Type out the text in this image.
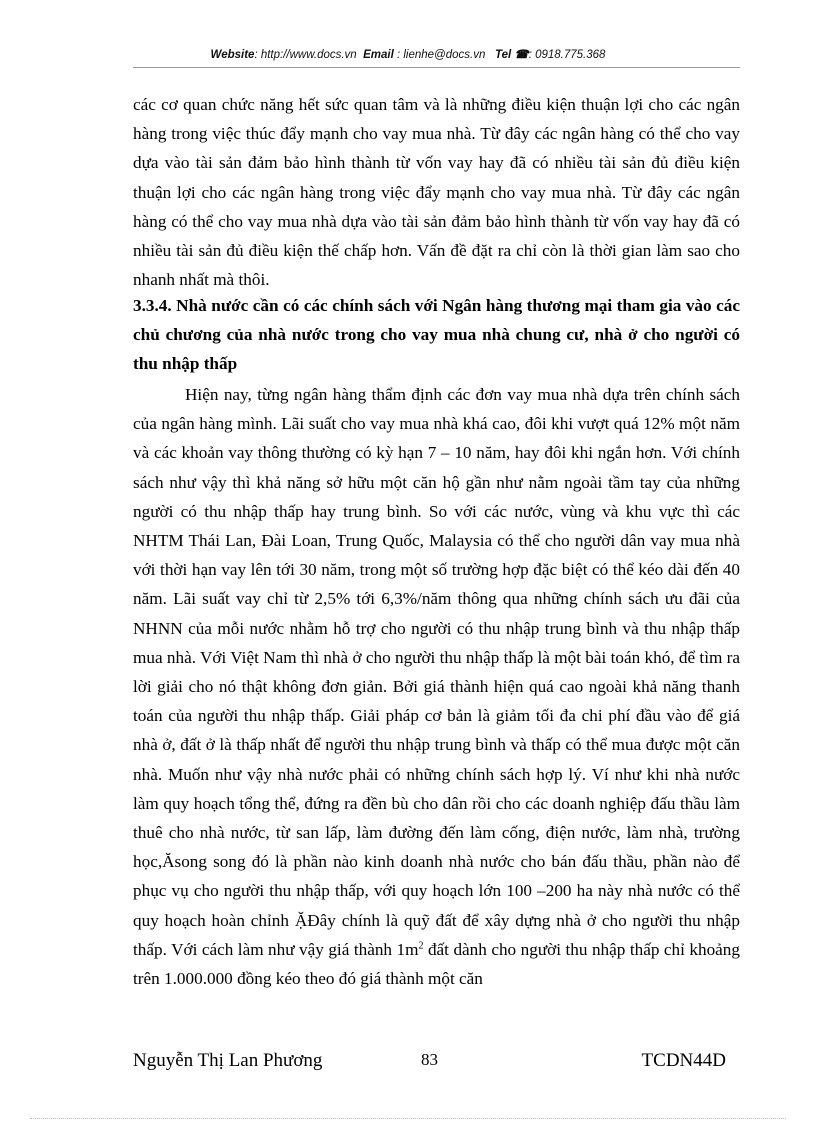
Website: http://www.docs.vn Email : lienhe@docs.vn Tel ☎: 0918.775.368
các cơ quan chức năng hết sức quan tâm và là những điều kiện thuận lợi cho các ngân hàng trong việc thúc đẩy mạnh cho vay mua nhà. Từ đây các ngân hàng có thể cho vay dựa vào tài sản đảm bảo hình thành từ vốn vay hay đã có nhiều tài sản đủ điều kiện thuận lợi cho các ngân hàng trong việc đẩy mạnh cho vay mua nhà. Từ đây các ngân hàng có thể cho vay mua nhà dựa vào tài sản đảm bảo hình thành từ vốn vay hay đã có nhiều tài sản đủ điều kiện thế chấp hơn. Vấn đề đặt ra chỉ còn là thời gian làm sao cho nhanh nhất mà thôi.
3.3.4. Nhà nước cần có các chính sách với Ngân hàng thương mại tham gia vào các chủ chương của nhà nước trong cho vay mua nhà chung cư, nhà ở cho người có thu nhập thấp
Hiện nay, từng ngân hàng thẩm định các đơn vay mua nhà dựa trên chính sách của ngân hàng mình. Lãi suất cho vay mua nhà khá cao, đôi khi vượt quá 12% một năm và các khoản vay thông thường có kỳ hạn 7 – 10 năm, hay đôi khi ngắn hơn. Với chính sách như vậy thì khả năng sở hữu một căn hộ gần như nằm ngoài tầm tay của những người có thu nhập thấp hay trung bình. So với các nước, vùng và khu vực thì các NHTM Thái Lan, Đài Loan, Trung Quốc, Malaysia có thể cho người dân vay mua nhà với thời hạn vay lên tới 30 năm, trong một số trường hợp đặc biệt có thể kéo dài đến 40 năm. Lãi suất vay chỉ từ 2,5% tới 6,3%/năm thông qua những chính sách ưu đãi của NHNN của mỗi nước nhằm hỗ trợ cho người có thu nhập trung bình và thu nhập thấp mua nhà. Với Việt Nam thì nhà ở cho người thu nhập thấp là một bài toán khó, để tìm ra lời giải cho nó thật không đơn giản. Bởi giá thành hiện quá cao ngoài khả năng thanh toán của người thu nhập thấp. Giải pháp cơ bản là giảm tối đa chi phí đầu vào để giá nhà ở, đất ở là thấp nhất để người thu nhập trung bình và thấp có thể mua được một căn nhà. Muốn như vậy nhà nước phải có những chính sách hợp lý. Ví như khi nhà nước làm quy hoạch tổng thể, đứng ra đền bù cho dân rồi cho các doanh nghiệp đấu thầu làm thuê cho nhà nước, từ san lấp, làm đường đến làm cống, điện nước, làm nhà, trường học,Ăsong song đó là phần nào kinh doanh nhà nước cho bán đấu thầu, phần nào để phục vụ cho người thu nhập thấp, với quy hoạch lớn 100 –200 ha này nhà nước có thể quy hoạch hoàn chỉnh ẶĐây chính là quỹ đất để xây dựng nhà ở cho người thu nhập thấp. Với cách làm như vậy giá thành $1m^2$ đất dành cho người thu nhập thấp chỉ khoảng trên 1.000.000 đồng kéo theo đó giá thành một căn
Nguyễn Thị Lan Phương	83	TCDN44D
